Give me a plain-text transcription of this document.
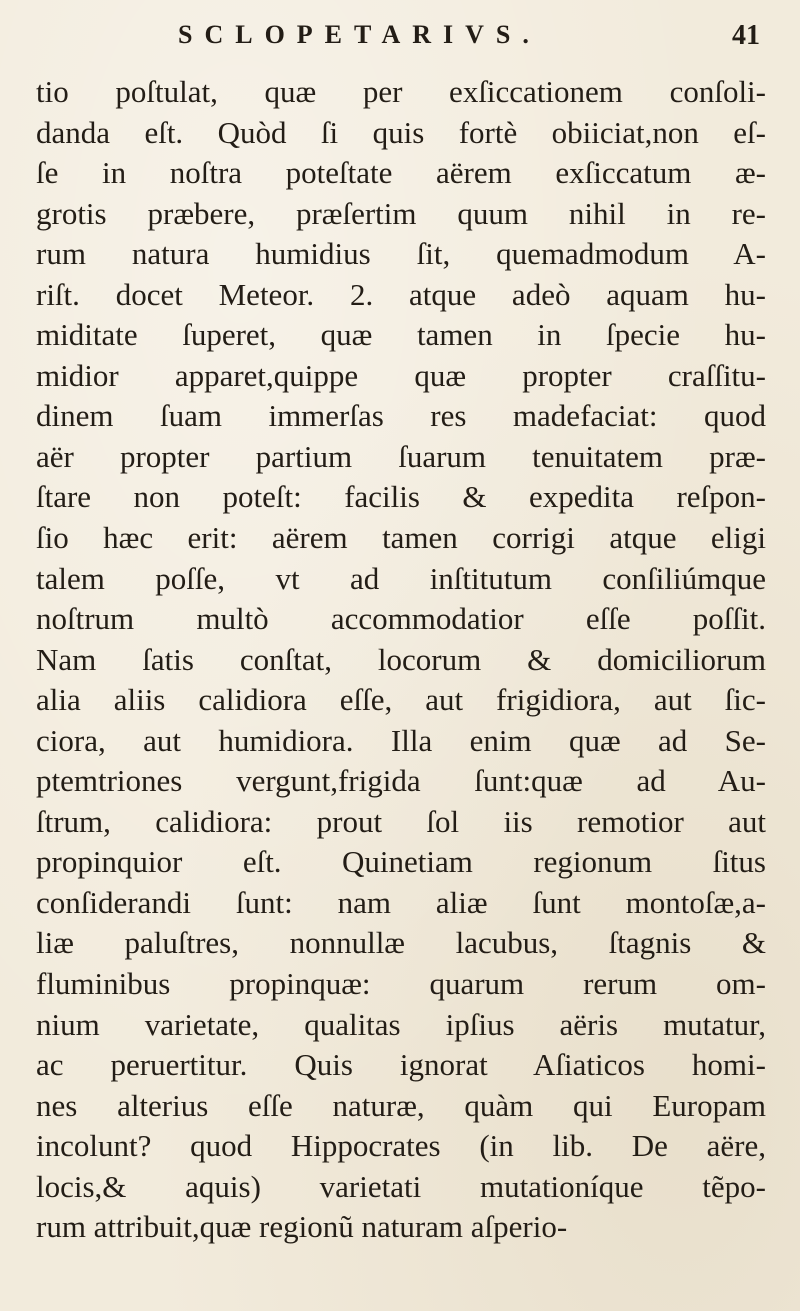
SCLOPETARIVS.	41
tio poſtulat, quæ per exſiccationem conſoli-
danda eſt. Quòd ſi quis fortè obiiciat,non eſ-
ſe in noſtra poteſtate aërem exſiccatum æ-
grotis præbere, præſertim quum nihil in re-
rum natura humidius ſit, quemadmodum A-
riſt. docet Meteor. 2. atque adeò aquam hu-
miditate ſuperet, quæ tamen in ſpecie hu-
midior apparet,quippe quæ propter craſſitu-
dinem ſuam immerſas res madefaciat: quod
aër propter partium ſuarum tenuitatem præ-
ſtare non poteſt: facilis & expedita reſpon-
ſio hæc erit: aërem tamen corrigi atque eligi
talem poſſe, vt ad inſtitutum conſiliúmque
noſtrum multò accommodatior eſſe poſſit.
Nam ſatis conſtat, locorum & domiciliorum
alia aliis calidiora eſſe, aut frigidiora, aut ſic-
ciora, aut humidiora. Illa enim quæ ad Se-
ptemtriones vergunt,frigida ſunt:quæ ad Au-
ſtrum, calidiora: prout ſol iis remotior aut
propinquior eſt. Quinetiam regionum ſitus
conſiderandi ſunt: nam aliæ ſunt montoſæ,a-
liæ paluſtres, nonnullæ lacubus, ſtagnis &
fluminibus propinquæ: quarum rerum om-
nium varietate, qualitas ipſius aëris mutatur,
ac peruertitur. Quis ignorat Aſiaticos homi-
nes alterius eſſe naturæ, quàm qui Europam
incolunt? quod Hippocrates (in lib. De aëre,
locis,& aquis) varietati mutationíque tẽpo-
rum attribuit,quæ regionũ naturam aſperio-
